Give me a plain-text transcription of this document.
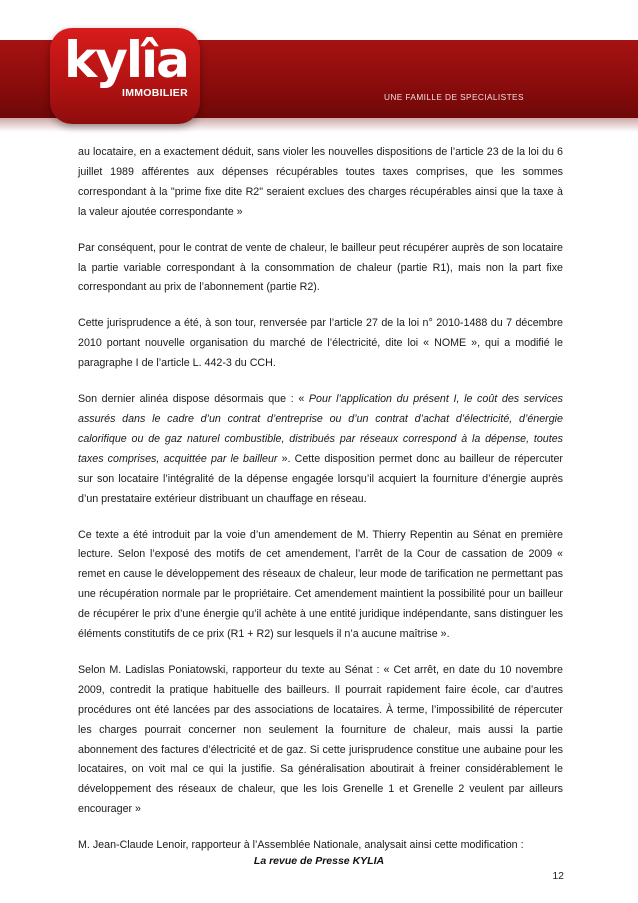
kylîa
IMMOBILIER	UNE FAMILLE DE SPECIALISTES

au locataire, en a exactement déduit, sans violer les nouvelles dispositions de l’article 23 de la loi du 6 juillet 1989 afférentes aux dépenses récupérables toutes taxes comprises, que les sommes correspondant à la "prime fixe dite R2" seraient exclues des charges récupérables ainsi que la taxe à la valeur ajoutée correspondante »

Par conséquent, pour le contrat de vente de chaleur, le bailleur peut récupérer auprès de son locataire la partie variable correspondant à la consommation de chaleur (partie R1), mais non la part fixe correspondant au prix de l’abonnement (partie R2).

Cette jurisprudence a été, à son tour, renversée par l’article 27 de la loi n° 2010-1488 du 7 décembre 2010 portant nouvelle organisation du marché de l’électricité, dite loi « NOME », qui a modifié le paragraphe I de l’article L. 442-3 du CCH.

Son dernier alinéa dispose désormais que : « Pour l’application du présent I, le coût des services assurés dans le cadre d’un contrat d’entreprise ou d’un contrat d’achat d’électricité, d’énergie calorifique ou de gaz naturel combustible, distribués par réseaux correspond à la dépense, toutes taxes comprises, acquittée par le bailleur ». Cette disposition permet donc au bailleur de répercuter sur son locataire l’intégralité de la dépense engagée lorsqu’il acquiert la fourniture d’énergie auprès d’un prestataire extérieur distribuant un chauffage en réseau.

Ce texte a été introduit par la voie d’un amendement de M. Thierry Repentin au Sénat en première lecture. Selon l’exposé des motifs de cet amendement, l’arrêt de la Cour de cassation de 2009 « remet en cause le développement des réseaux de chaleur, leur mode de tarification ne permettant pas une récupération normale par le propriétaire. Cet amendement maintient la possibilité pour un bailleur de récupérer le prix d’une énergie qu’il achète à une entité juridique indépendante, sans distinguer les éléments constitutifs de ce prix (R1 + R2) sur lesquels il n’a aucune maîtrise ».

Selon M. Ladislas Poniatowski, rapporteur du texte au Sénat : « Cet arrêt, en date du 10 novembre 2009, contredit la pratique habituelle des bailleurs. Il pourrait rapidement faire école, car d’autres procédures ont été lancées par des associations de locataires. À terme, l’impossibilité de répercuter les charges pourrait concerner non seulement la fourniture de chaleur, mais aussi la partie abonnement des factures d’électricité et de gaz. Si cette jurisprudence constitue une aubaine pour les locataires, on voit mal ce qui la justifie. Sa généralisation aboutirait à freiner considérablement le développement des réseaux de chaleur, que les lois Grenelle 1 et Grenelle 2 veulent par ailleurs encourager »

M. Jean-Claude Lenoir, rapporteur à l’Assemblée Nationale, analysait ainsi cette modification :

La revue de Presse KYLIA
12
